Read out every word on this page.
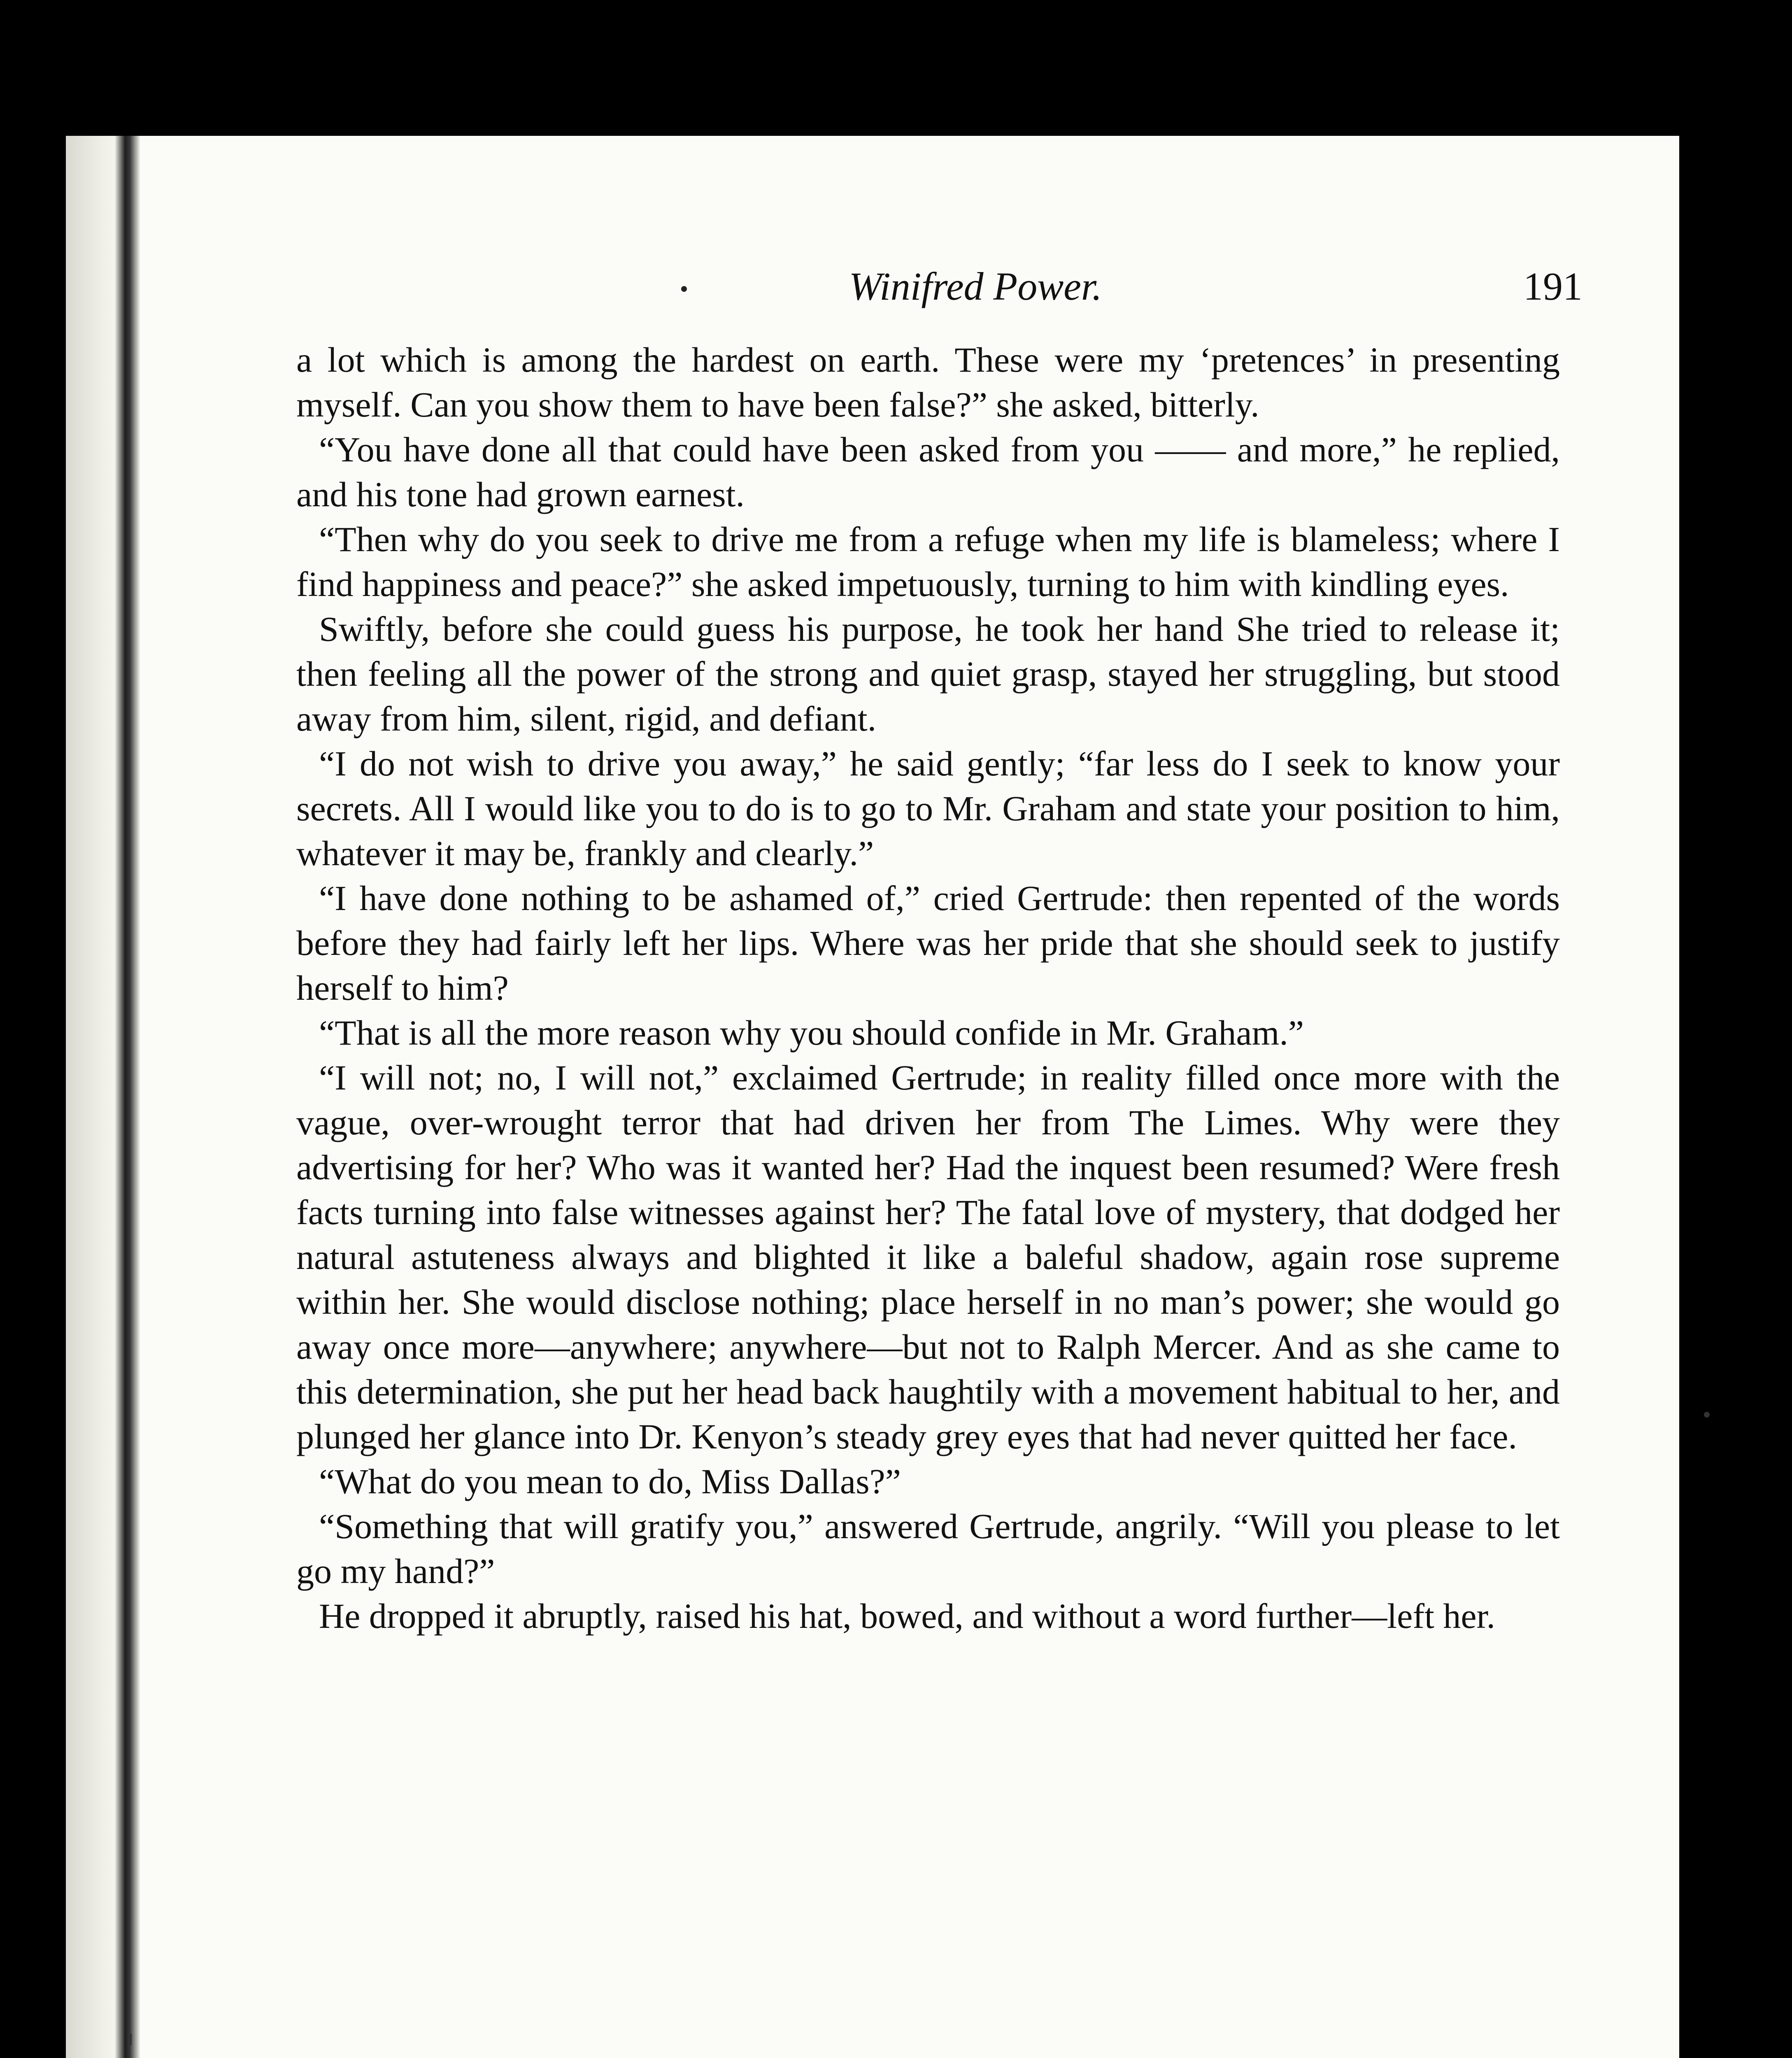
Winifred Power.	191

a lot which is among the hardest on earth. These were my ‘pretences’ in presenting myself. Can you show them to have been false?” she asked, bitterly.

“You have done all that could have been asked from you —— and more,” he replied, and his tone had grown earnest.

“Then why do you seek to drive me from a refuge when my life is blameless; where I find happiness and peace?” she asked impetuously, turning to him with kindling eyes.

Swiftly, before she could guess his purpose, he took her hand She tried to release it; then feeling all the power of the strong and quiet grasp, stayed her struggling, but stood away from him, silent, rigid, and defiant.

“I do not wish to drive you away,” he said gently; “far less do I seek to know your secrets. All I would like you to do is to go to Mr. Graham and state your position to him, whatever it may be, frankly and clearly.”

“I have done nothing to be ashamed of,” cried Gertrude: then repented of the words before they had fairly left her lips. Where was her pride that she should seek to justify herself to him?

“That is all the more reason why you should confide in Mr. Graham.”

“I will not; no, I will not,” exclaimed Gertrude; in reality filled once more with the vague, over-wrought terror that had driven her from The Limes. Why were they advertising for her? Who was it wanted her? Had the inquest been resumed? Were fresh facts turning into false witnesses against her? The fatal love of mystery, that dodged her natural astuteness always and blighted it like a baleful shadow, again rose supreme within her. She would disclose nothing; place herself in no man’s power; she would go away once more—anywhere; anywhere—but not to Ralph Mercer. And as she came to this determination, she put her head back haughtily with a movement habitual to her, and plunged her glance into Dr. Kenyon’s steady grey eyes that had never quitted her face.

“What do you mean to do, Miss Dallas?”

“Something that will gratify you,” answered Gertrude, angrily. “Will you please to let go my hand?”

He dropped it abruptly, raised his hat, bowed, and without a word further—left her.
